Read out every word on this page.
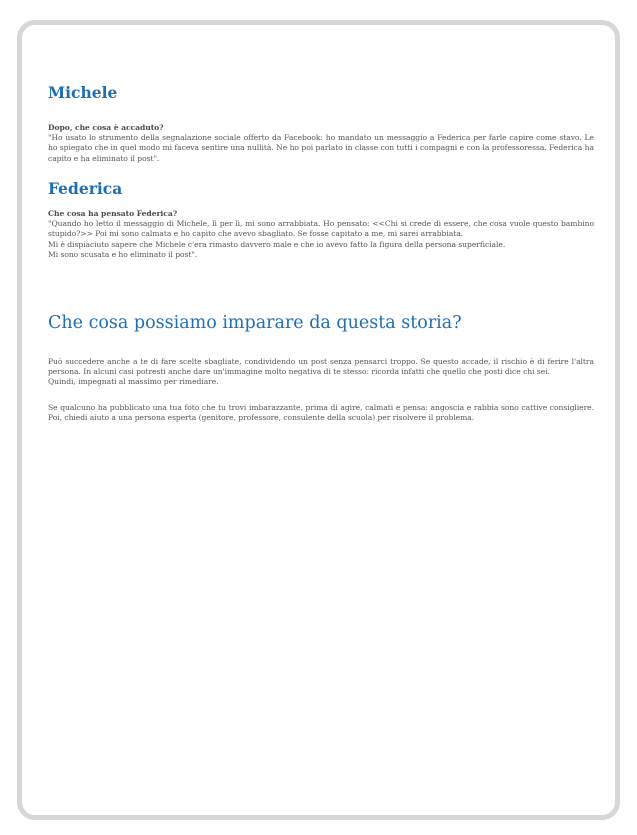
Michele

Dopo, che cosa è accaduto?

"Ho usato lo strumento della segnalazione sociale offerto da Facebook: ho mandato un messaggio a Federica per farle capire come stavo. Le ho spiegato che in quel modo mi faceva sentire una nullità. Ne ho poi parlato in classe con tutti i compagni e con la professoressa. Federica ha capito e ha eliminato il post".

Federica

Che cosa ha pensato Federica?

"Quando ho letto il messaggio di Michele, lì per lì, mi sono arrabbiata. Ho pensato: <<Chi si crede di essere, che cosa vuole questo bambino stupido?>> Poi mi sono calmata e ho capito che avevo sbagliato. Se fosse capitato a me, mi sarei arrabbiata.

Mi è dispiaciuto sapere che Michele c'era rimasto davvero male e che io avevo fatto la figura della persona superficiale.

Mi sono scusata e ho eliminato il post".

Che cosa possiamo imparare da questa storia?

Può succedere anche a te di fare scelte sbagliate, condividendo un post senza pensarci troppo. Se questo accade, il rischio è di ferire l'altra persona. In alcuni casi potresti anche dare un'immagine molto negativa di te stesso: ricorda infatti che quello che posti dice chi sei.

Quindi, impegnati al massimo per rimediare.

Se qualcuno ha pubblicato una tua foto che tu trovi imbarazzante, prima di agire, calmati e pensa: angoscia e rabbia sono cattive consigliere. Poi, chiedi aiuto a una persona esperta (genitore, professore, consulente della scuola) per risolvere il problema.
